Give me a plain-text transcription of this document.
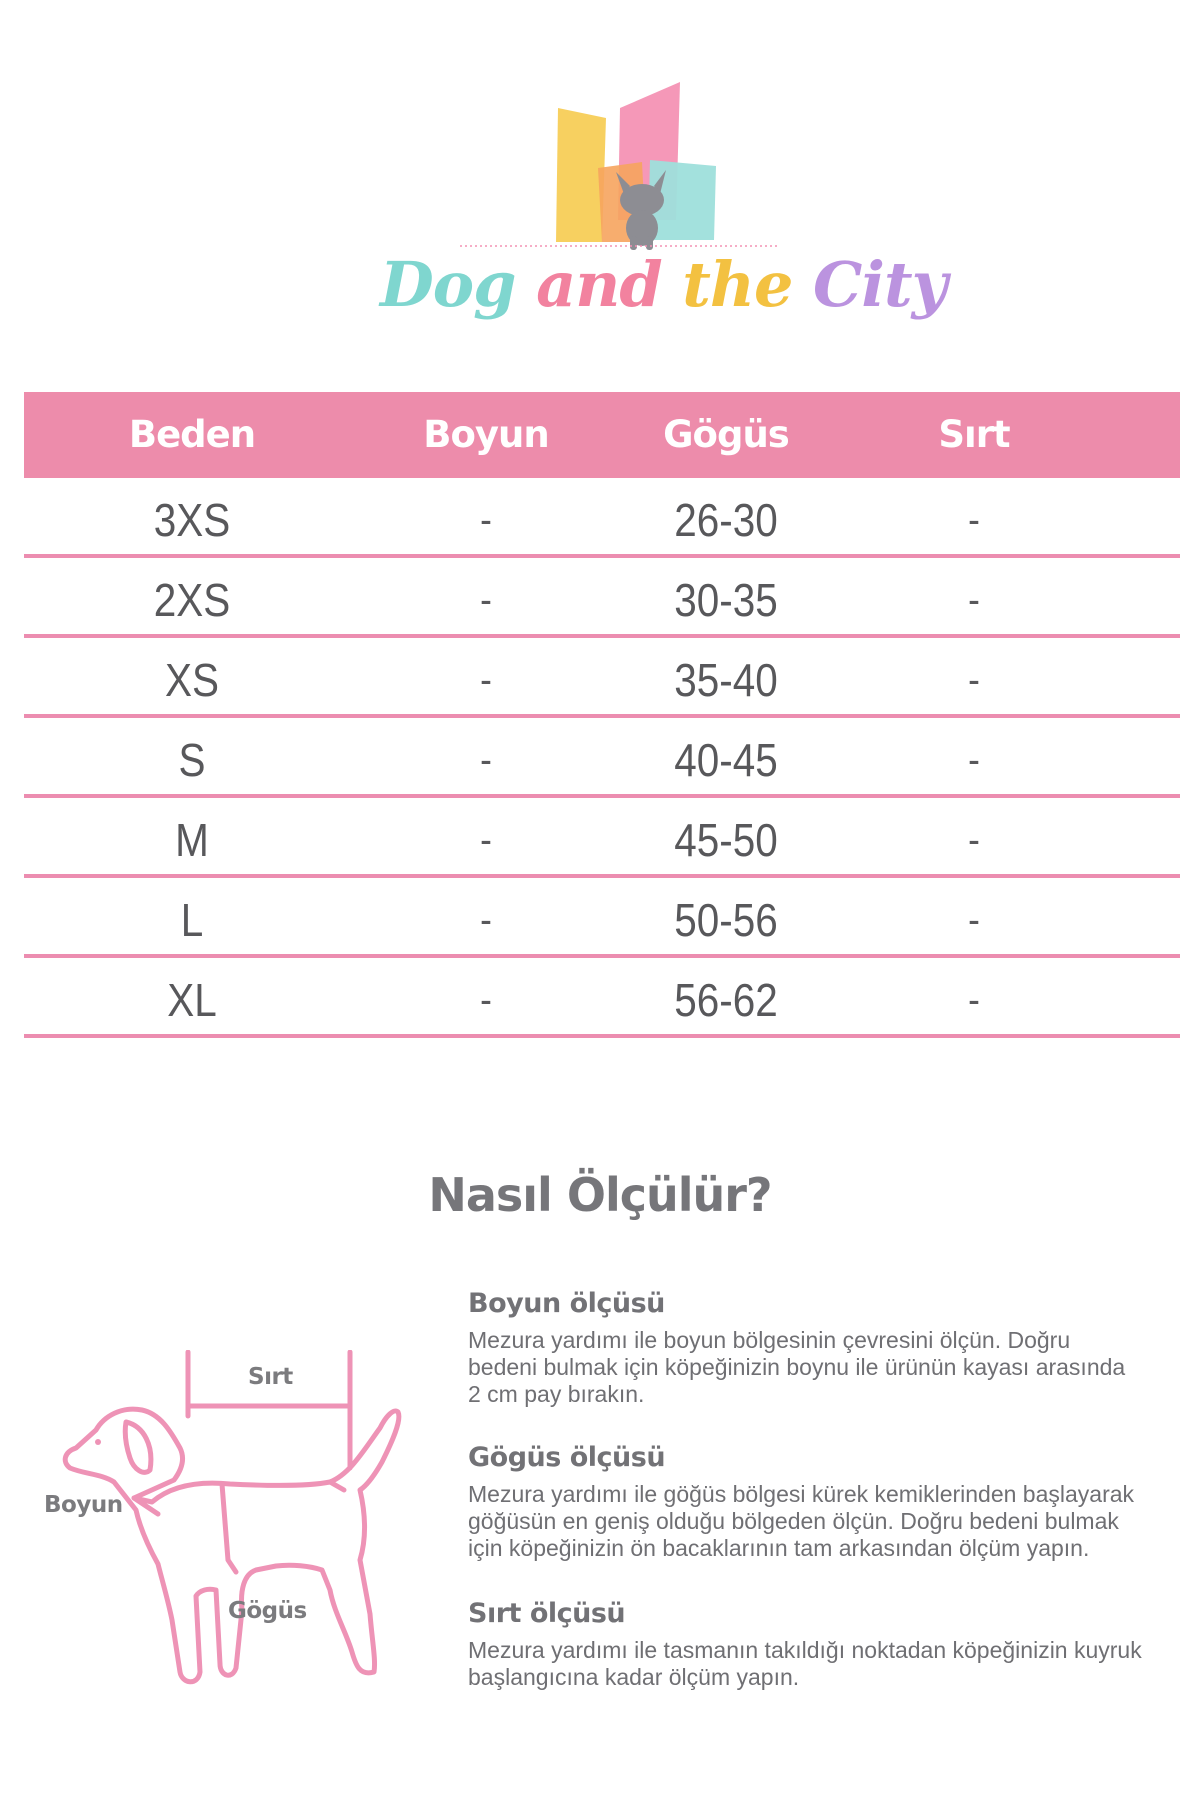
Dog and the City
Beden	Boyun	Gögüs	Sırt
3XS	-	26-30	-
2XS	-	30-35	-
XS	-	35-40	-
S	-	40-45	-
M	-	45-50	-
L	-	50-56	-
XL	-	56-62	-
Nasıl Ölçülür?
Sırt
Boyun
Gögüs

Boyun ölçüsü

Mezura yardımı ile boyun bölgesinin çevresini ölçün. Doğru
bedeni bulmak için köpeğinizin boynu ile ürünün kayası arasında
2 cm pay bırakın.

Gögüs ölçüsü

Mezura yardımı ile göğüs bölgesi kürek kemiklerinden başlayarak
göğüsün en geniş olduğu bölgeden ölçün. Doğru bedeni bulmak
için köpeğinizin ön bacaklarının tam arkasından ölçüm yapın.

Sırt ölçüsü

Mezura yardımı ile tasmanın takıldığı noktadan köpeğinizin kuyruk
başlangıcına kadar ölçüm yapın.
